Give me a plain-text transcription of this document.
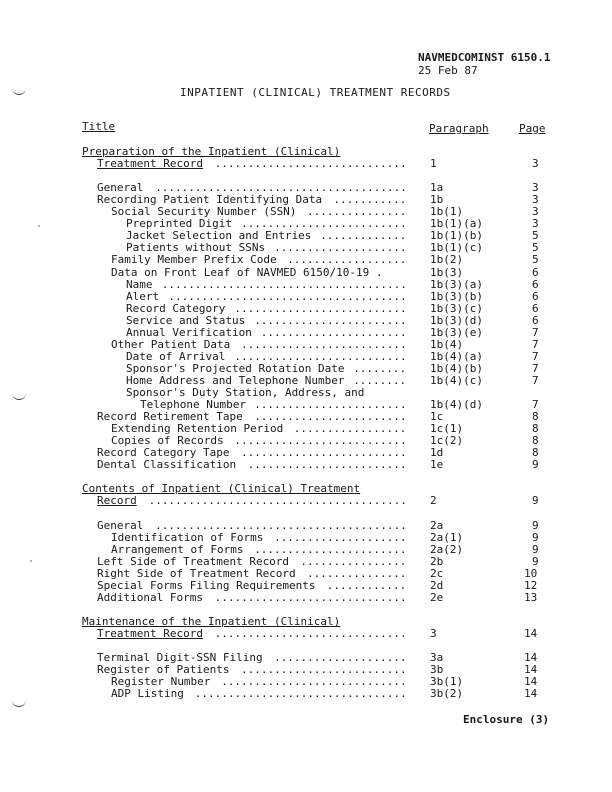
NAVMEDCOMINST 6150.1
25 Feb 87
INPATIENT (CLINICAL) TREATMENT RECORDS
Title	Paragraph	Page
Preparation of the Inpatient (Clinical)
Treatment Record ............................. 1	3
General ...................................... 1a	3
Recording Patient Identifying Data ........... 1b	3
Social Security Number (SSN) ............... 1b(1)	3
Preprinted Digit ......................... 1b(1)(a)	3
Jacket Selection and Entries ............. 1b(1)(b)	5
Patients without SSNs .................... 1b(1)(c)	5
Family Member Prefix Code .................. 1b(2)	5
Data on Front Leaf of NAVMED 6150/10-19 .	1b(3)	6
Name ..................................... 1b(3)(a)	6
Alert .................................... 1b(3)(b)	6
Record Category .......................... 1b(3)(c)	6
Service and Status ....................... 1b(3)(d)	6
Annual Verification ...................... 1b(3)(e)	7
Other Patient Data ......................... 1b(4)	7
Date of Arrival .......................... 1b(4)(a)	7
Sponsor's Projected Rotation Date ........ 1b(4)(b)	7
Home Address and Telephone Number ........ 1b(4)(c)	7
Sponsor's Duty Station, Address, and
Telephone Number ....................... 1b(4)(d)	7
Record Retirement Tape ....................... 1c	8
Extending Retention Period ................. 1c(1)	8
Copies of Records .......................... 1c(2)	8
Record Category Tape ......................... 1d	8
Dental Classification ........................ 1e	9
Contents of Inpatient (Clinical) Treatment
Record ....................................... 2	9
General ...................................... 2a	9
Identification of Forms .................... 2a(1)	9
Arrangement of Forms ....................... 2a(2)	9
Left Side of Treatment Record ................ 2b	9
Right Side of Treatment Record ............... 2c	10
Special Forms Filing Requirements ............ 2d	12
Additional Forms ............................. 2e	13
Maintenance of the Inpatient (Clinical)
Treatment Record ............................. 3	14
Terminal Digit-SSN Filing .................... 3a	14
Register of Patients ......................... 3b	14
Register Number ............................ 3b(1)	14
ADP Listing ................................ 3b(2)	14
Enclosure (3)
